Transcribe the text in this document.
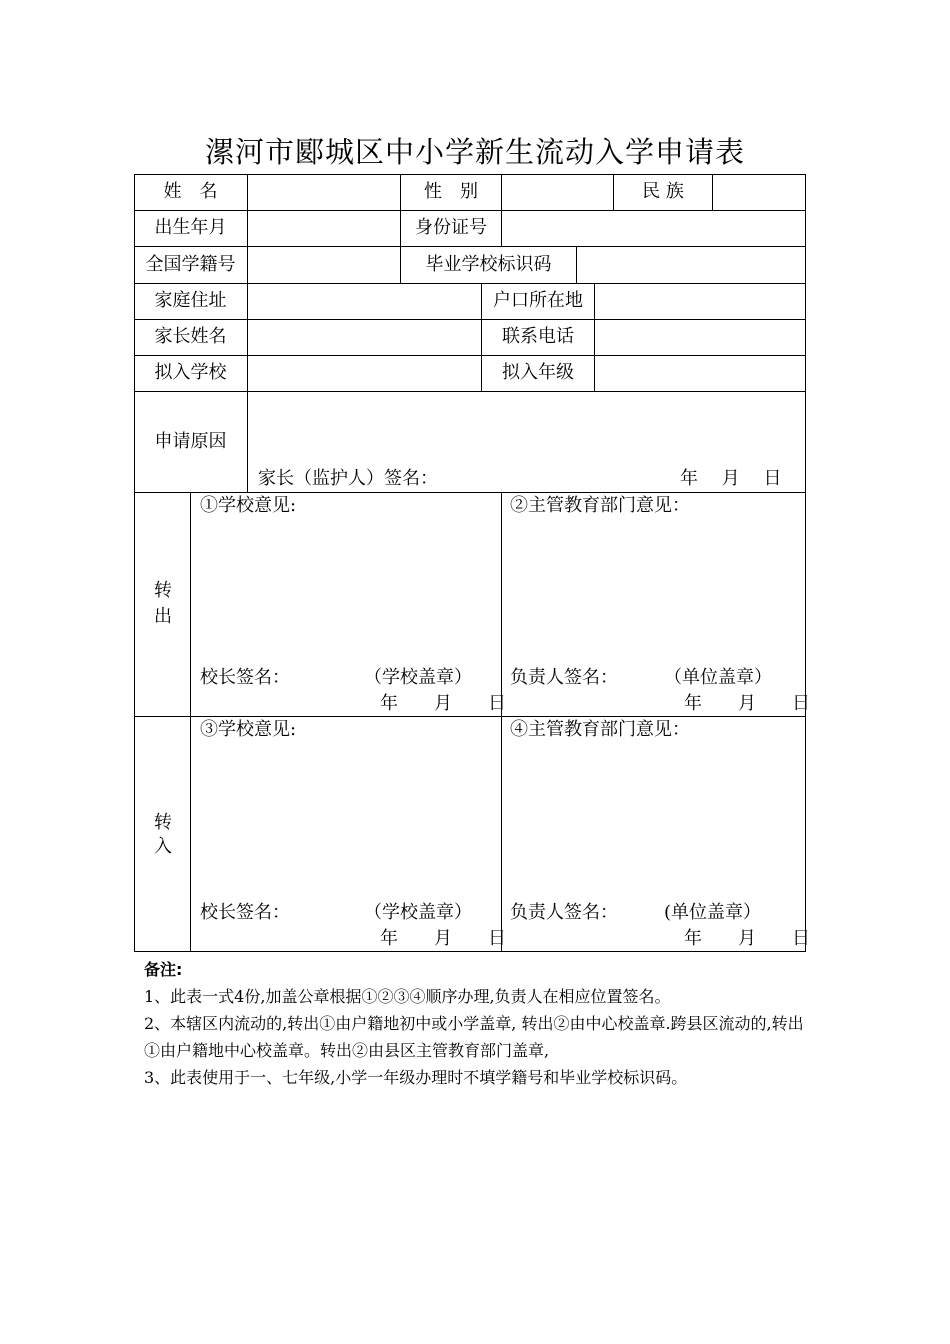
漯河市郾城区中小学新生流动入学申请表
姓　名	性　别	民 族
出生年月	身份证号
全国学籍号	毕业学校标识码
家庭住址	户口所在地
家长姓名	联系电话
拟入学校	拟入年级
申请原因
家长（监护人）签名：	年　 月　 日
转
出
①学校意见:
校长签名：	（学校盖章）
年　　月　　日
②主管教育部门意见：
负责人签名：	（单位盖章）
年　　月　　日
转
入
③学校意见:
校长签名：	（学校盖章）
年　　月　　日
④主管教育部门意见：
负责人签名：	(单位盖章）
年　　月　　日
备注:
1、此表一式4份,加盖公章根据①②③④顺序办理,负责人在相应位置签名。
2、本辖区内流动的,转出①由户籍地初中或小学盖章, 转出②由中心校盖章.跨县区流动的,转出①由户籍地中心校盖章。转出②由县区主管教育部门盖章,
3、此表使用于一、七年级,小学一年级办理时不填学籍号和毕业学校标识码。
